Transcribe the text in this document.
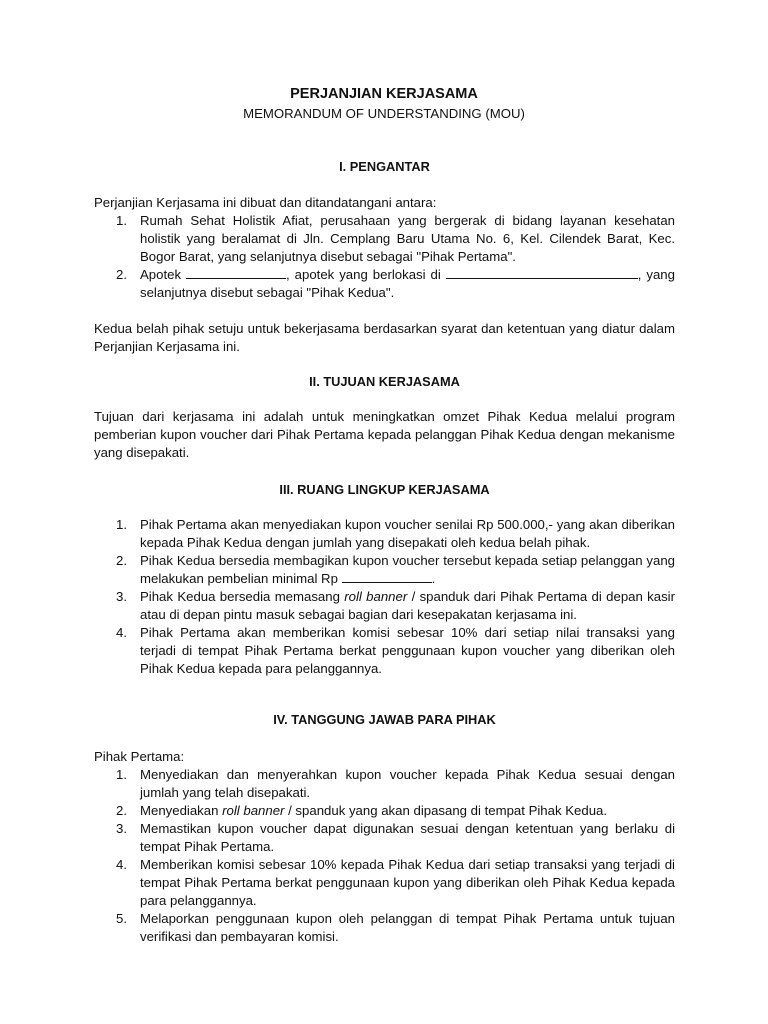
PERJANJIAN KERJASAMA

MEMORANDUM OF UNDERSTANDING (MOU)

I. PENGANTAR

Perjanjian Kerjasama ini dibuat dan ditandatangani antara:

1. Rumah Sehat Holistik Afiat, perusahaan yang bergerak di bidang layanan kesehatan holistik yang beralamat di Jln. Cemplang Baru Utama No. 6, Kel. Cilendek Barat, Kec. Bogor Barat, yang selanjutnya disebut sebagai "Pihak Pertama".
2. Apotek	, apotek yang berlokasi di	, yang selanjutnya disebut sebagai "Pihak Kedua".

Kedua belah pihak setuju untuk bekerjasama berdasarkan syarat dan ketentuan yang diatur dalam Perjanjian Kerjasama ini.

II. TUJUAN KERJASAMA

Tujuan dari kerjasama ini adalah untuk meningkatkan omzet Pihak Kedua melalui program pemberian kupon voucher dari Pihak Pertama kepada pelanggan Pihak Kedua dengan mekanisme yang disepakati.

III. RUANG LINGKUP KERJASAMA

1. Pihak Pertama akan menyediakan kupon voucher senilai Rp 500.000,- yang akan diberikan kepada Pihak Kedua dengan jumlah yang disepakati oleh kedua belah pihak.
2. Pihak Kedua bersedia membagikan kupon voucher tersebut kepada setiap pelanggan yang melakukan pembelian minimal Rp	.
3. Pihak Kedua bersedia memasang roll banner / spanduk dari Pihak Pertama di depan kasir atau di depan pintu masuk sebagai bagian dari kesepakatan kerjasama ini.
4. Pihak Pertama akan memberikan komisi sebesar 10% dari setiap nilai transaksi yang terjadi di tempat Pihak Pertama berkat penggunaan kupon voucher yang diberikan oleh Pihak Kedua kepada para pelanggannya.

IV. TANGGUNG JAWAB PARA PIHAK

Pihak Pertama:

1. Menyediakan dan menyerahkan kupon voucher kepada Pihak Kedua sesuai dengan jumlah yang telah disepakati.
2. Menyediakan roll banner / spanduk yang akan dipasang di tempat Pihak Kedua.
3. Memastikan kupon voucher dapat digunakan sesuai dengan ketentuan yang berlaku di tempat Pihak Pertama.
4. Memberikan komisi sebesar 10% kepada Pihak Kedua dari setiap transaksi yang terjadi di tempat Pihak Pertama berkat penggunaan kupon yang diberikan oleh Pihak Kedua kepada para pelanggannya.
5. Melaporkan penggunaan kupon oleh pelanggan di tempat Pihak Pertama untuk tujuan verifikasi dan pembayaran komisi.
